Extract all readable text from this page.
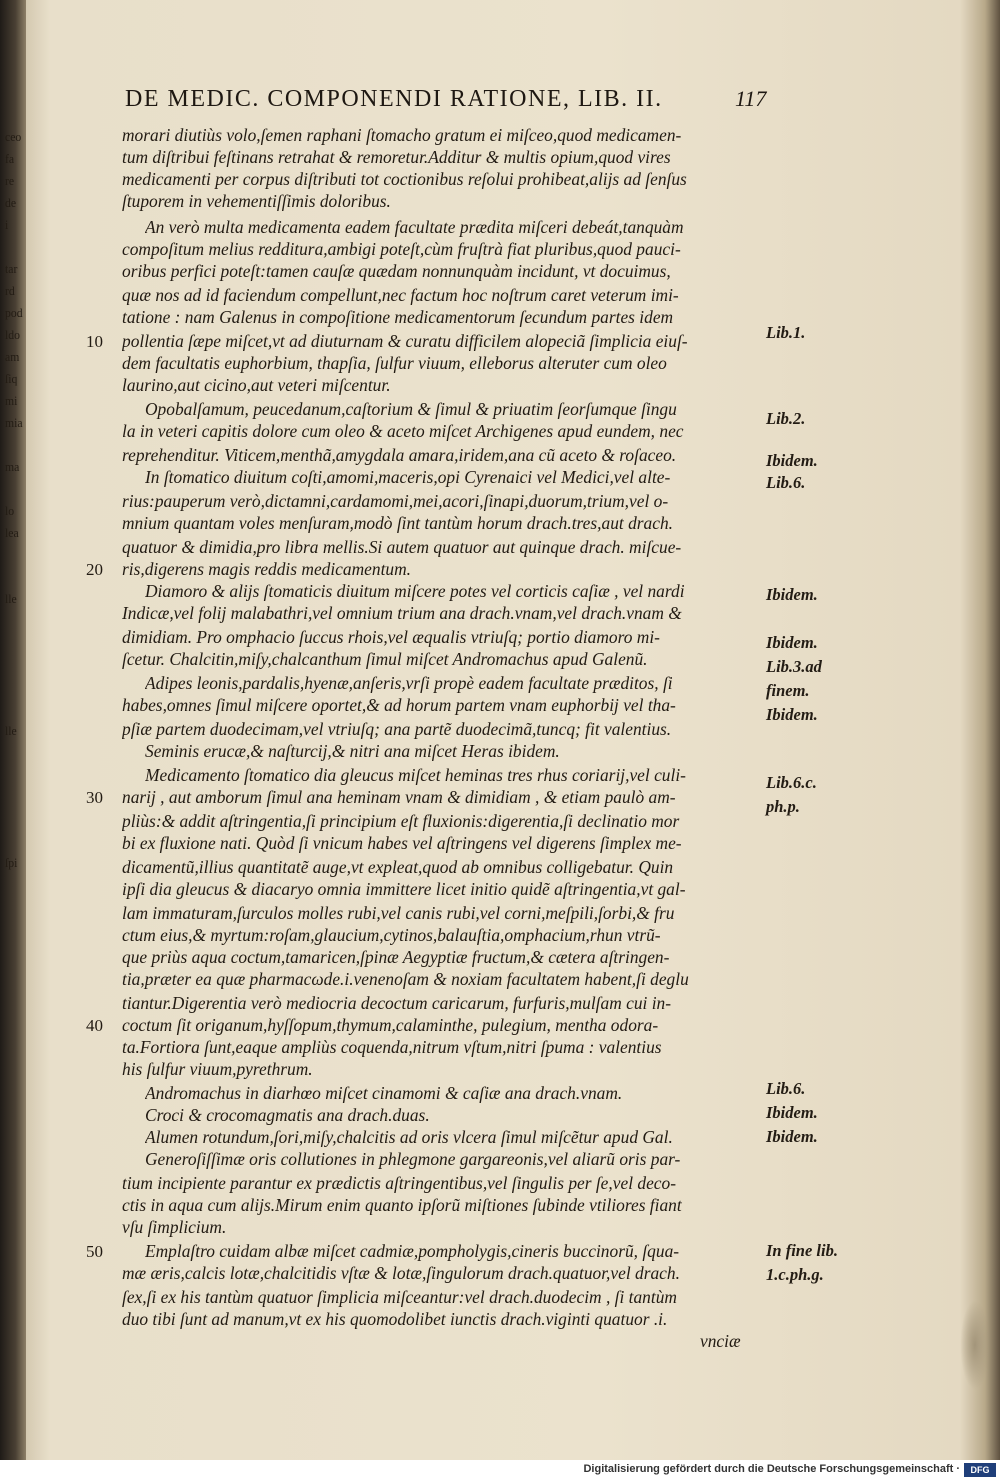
ceo
fa
re
de
i
tar
rd
pod
ldo
am
ſiq
mi
mia
ma
lo
lea
lle
lle
ſpi
DE MEDIC. COMPONENDI RATIONE, LIB. II.	117
morari diutiùs volo,ſemen raphani ſtomacho gratum ei miſceo,quod medicamen-
tum diſtribui feſtinans retrahat & remoretur.Additur & multis opium,quod vires
medicamenti per corpus diſtributi tot coctionibus reſolui prohibeat,aliјs ad ſenſus
ſtuporem in vehementiſſimis doloribus.
An verò multa medicamenta eadem facultate prædita miſceri debeát,tanquàm
compoſitum melius redditura,ambigi poteſt,cùm fruſtrà fiat pluribus,quod pauci-
oribus perfici poteſt:tamen cauſæ quædam nonnunquàm incidunt, vt docuimus,
quæ nos ad id faciendum compellunt,nec factum hoc noſtrum caret veterum imi-
tatione : nam Galenus in compoſitione medicamentorum ſecundum partes idem
pollentia ſæpe miſcet,vt ad diuturnam & curatu difficilem alopeciã ſimplicia eiuſ-
dem facultatis euphorbium, thapſia, ſulfur viuum, elleborus alteruter cum oleo
laurino,aut cicino,aut veteri miſcentur.
Opobalſamum, peucedanum,caſtorium & ſimul & priuatim ſeorſumque ſingu
la in veteri capitis dolore cum oleo & aceto miſcet Archigenes apud eundem, nec
reprehenditur. Viticem,menthã,amygdala amara,iridem,ana cũ aceto & roſaceo.
In ſtomatico diuitum coſti,amomi,maceris,opi Cyrenaici vel Medici,vel alte-
rius:pauperum verò,dictamni,cardamomi,mei,acori,ſinapi,duorum,trium,vel o-
mnium quantam voles menſuram,modò ſint tantùm horum drach.tres,aut drach.
quatuor & dimidia,pro libra mellis.Si autem quatuor aut quinque drach. miſcue-
ris,digerens magis reddis medicamentum.
Diamoro & aliјs ſtomaticis diuitum miſcere potes vel corticis caſiæ , vel nardi
Indicæ,vel folij malabathri,vel omnium trium ana drach.vnam,vel drach.vnam &
dimidiam. Pro omphacio ſuccus rhois,vel æqualis vtriuſq; portio diamoro mi-
ſcetur. Chalcitin,miſy,chalcanthum ſimul miſcet Andromachus apud Galenũ.
Adipes leonis,pardalis,hyenæ,anſeris,vrſi propè eadem facultate præditos, ſi
habes,omnes ſimul miſcere oportet,& ad horum partem vnam euphorbij vel tha-
pſiæ partem duodecimam,vel vtriuſq; ana partẽ duodecimã,tuncq; fit valentius.
Seminis erucæ,& naſturcij,& nitri ana miſcet Heras ibidem.
Medicamento ſtomatico dia gleucus miſcet heminas tres rhus coriarij,vel culi-
narij , aut amborum ſimul ana heminam vnam & dimidiam , & etiam paulò am-
pliùs:& addit aſtringentia,ſi principium eſt fluxionis:digerentia,ſi declinatio mor
bi ex fluxione nati. Quòd ſi vnicum habes vel aſtringens vel digerens ſimplex me-
dicamentũ,illius quantitatẽ auge,vt expleat,quod ab omnibus colligebatur. Quin
ipſi dia gleucus & diacaryo omnia immittere licet initio quidẽ aſtringentia,vt gal-
lam immaturam,ſurculos molles rubi,vel canis rubi,vel corni,meſpili,ſorbi,& fru
ctum eius,& myrtum:roſam,glaucium,cytinos,balauſtia,omphacium,rhun vtrũ-
que priùs aqua coctum,tamaricen,ſpinæ Aegyptiæ fructum,& cætera aſtringen-
tia,præter ea quæ pharmacωde.i.venenoſam & noxiam facultatem habent,ſi deglu
tiantur.Digerentia verò mediocria decoctum caricarum, furfuris,mulſam cui in-
coctum ſit origanum,hyſſopum,thymum,calaminthe, pulegium, mentha odora-
ta.Fortiora ſunt,eaque ampliùs coquenda,nitrum vſtum,nitri ſpuma : valentius
his ſulfur viuum,pyrethrum.
Andromachus in diarhœo miſcet cinamomi & caſiæ ana drach.vnam.
Croci & crocomagmatis ana drach.duas.
Alumen rotundum,ſori,miſy,chalcitis ad oris vlcera ſimul miſcẽtur apud Gal.
Generoſiſſimæ oris collutiones in phlegmone gargareonis,vel aliarũ oris par-
tium incipiente parantur ex prædictis aſtringentibus,vel ſingulis per ſe,vel deco-
ctis in aqua cum aliјs.Mirum enim quanto ipſorũ miſtiones ſubinde vtiliores fiant
vſu ſimplicium.
Emplaſtro cuidam albæ miſcet cadmiæ,pompholygis,cineris buccinorũ, ſqua-
mæ æris,calcis lotæ,chalcitidis vſtæ & lotæ,ſingulorum drach.quatuor,vel drach.
ſex,ſi ex his tantùm quatuor ſimplicia miſceantur:vel drach.duodecim , ſi tantùm
duo tibi ſunt ad manum,vt ex his quomodolibet iunctis drach.viginti quatuor .i.
vnciæ
10
20
30
40
50
Lib.1.
Lib.2.
Ibidem.
Lib.6.
Ibidem.
Ibidem.
Lib.3.ad
finem.
Ibidem.
Lib.6.c.
ph.p.
Lib.6.
Ibidem.
Ibidem.
In fine lib.
1.c.ph.g.
Digitalisierung gefördert durch die Deutsche Forschungsgemeinschaft ·	DFG
